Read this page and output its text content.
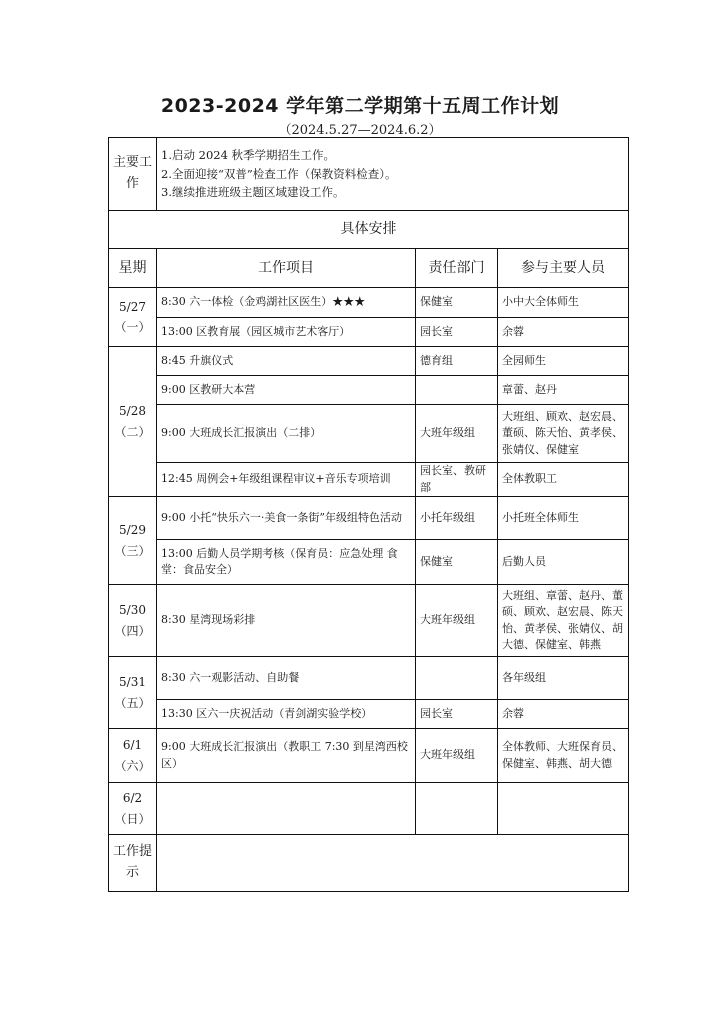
2023-2024 学年第二学期第十五周工作计划
（2024.5.27—2024.6.2）
主要工作	1.启动 2024 秋季学期招生工作。
2.全面迎接“双普”检查工作（保教资料检查）。
3.继续推进班级主题区域建设工作。		

具体安排			
星期	工作项目	责任部门	参与主要人员

5/27
（一）	8:30 六一体检（金鸡湖社区医生）★★★	保健室	小中大全体师生
	13:00 区教育展（园区城市艺术客厅）	园长室	余蓉

5/28
（二）	8:45 升旗仪式	德育组	全园师生
	9:00 区教研大本营		章蕾、赵丹
	9:00 大班成长汇报演出（二排）	大班年级组	大班组、顾欢、赵宏晨、董硕、陈天怡、黄孝侯、张婧仪、保健室
	12:45 周例会+年级组课程审议+音乐专项培训	园长室、教研部	全体教职工

5/29
（三）	9:00 小托“快乐六一·美食一条街”年级组特色活动	小托年级组	小托班全体师生
	13:00 后勤人员学期考核（保育员：应急处理 食堂：食品安全）	保健室	后勤人员

5/30
（四）	8:30 星湾现场彩排	大班年级组	大班组、章蕾、赵丹、董硕、顾欢、赵宏晨、陈天怡、黄孝侯、张婧仪、胡大德、保健室、韩燕

5/31
（五）	8:30 六一观影活动、自助餐		各年级组
	13:30 区六一庆祝活动（青剑湖实验学校）	园长室	余蓉

6/1
（六）	9:00 大班成长汇报演出（教职工 7:30 到星湾西校区）	大班年级组	全体教师、大班保育员、保健室、韩燕、胡大德

6/2
（日）			

工作提示			
